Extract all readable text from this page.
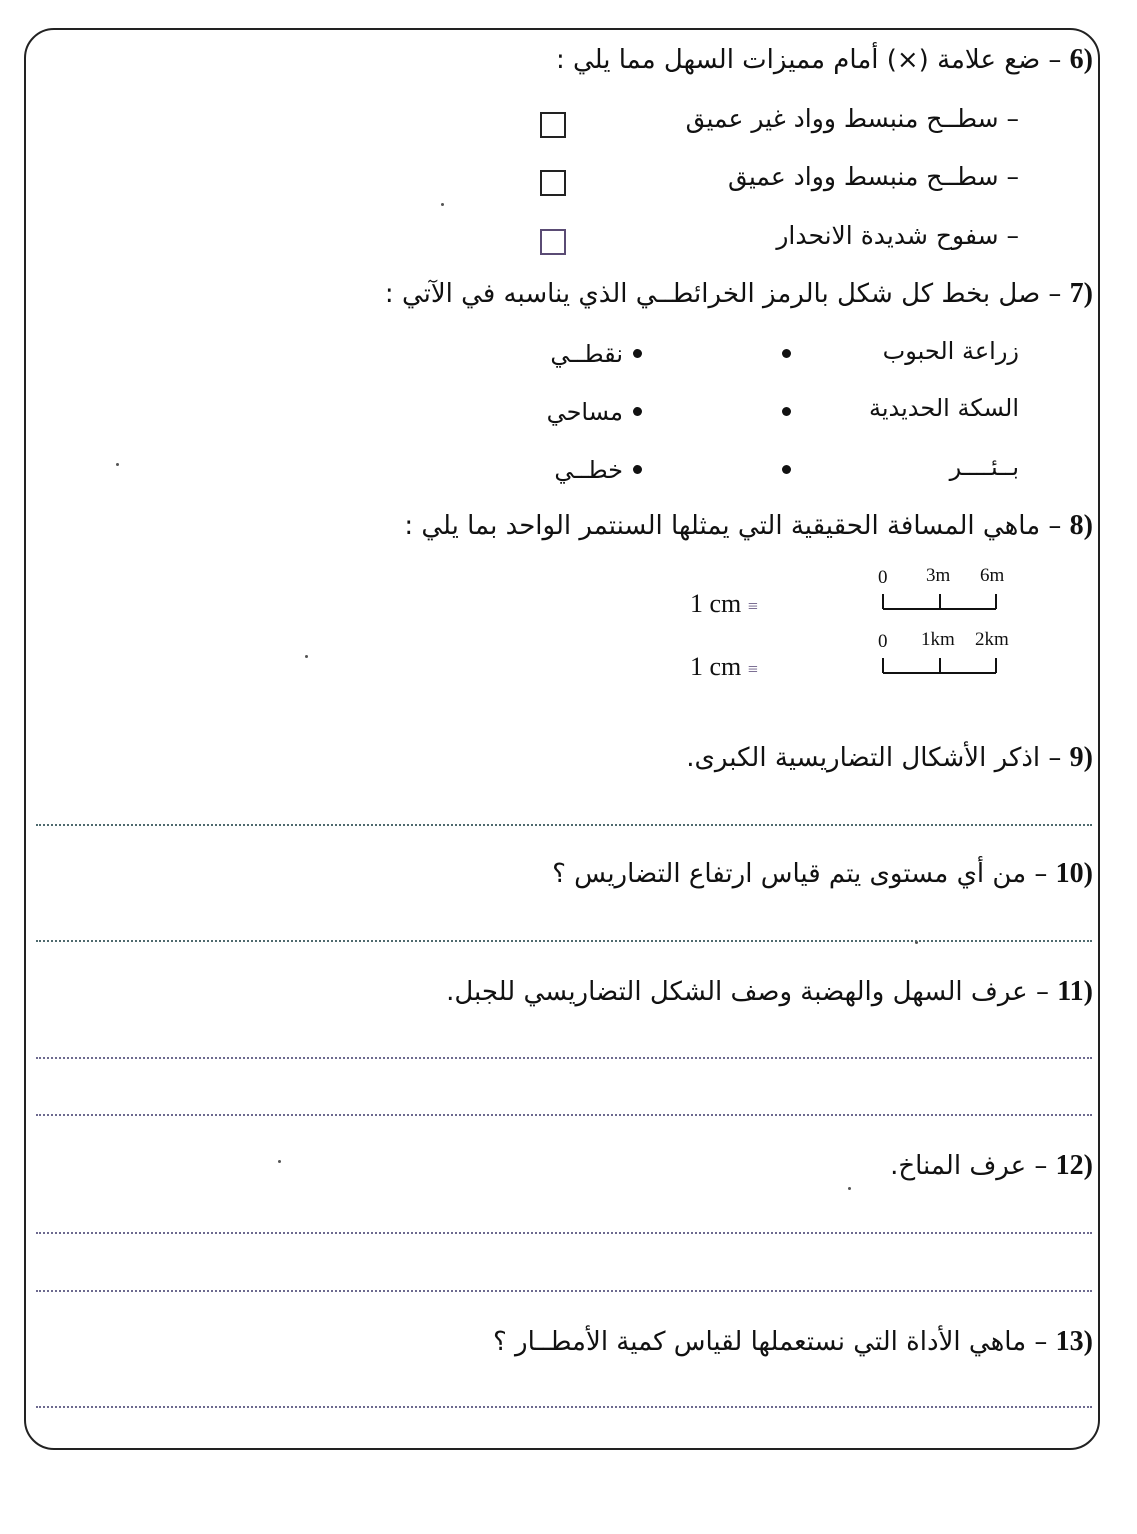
6) – ضع علامة (×) أمام مميزات السهل مما يلي :
– سطــح منبسط وواد غير عميق
– سطــح منبسط وواد عميق
– سفوح شديدة الانحدار
7) – صل بخط كل شكل بالرمز الخرائطــي الذي يناسبه في الآتي :
زراعة الحبوب
السكة الحديدية
بــئــــر
نقطــي
مساحي
خطــي
8) – ماهي المسافة الحقيقية التي يمثلها السنتمر الواحد بما يلي :
0 3m 6m
1 cm ≡
0 1km 2km
1 cm ≡
9) – اذكر الأشكال التضاريسية الكبرى.
10) – من أي مستوى يتم قياس ارتفاع التضاريس ؟
11) – عرف السهل والهضبة وصف الشكل التضاريسي للجبل.
12) – عرف المناخ.
13) – ماهي الأداة التي نستعملها لقياس كمية الأمطــار ؟
